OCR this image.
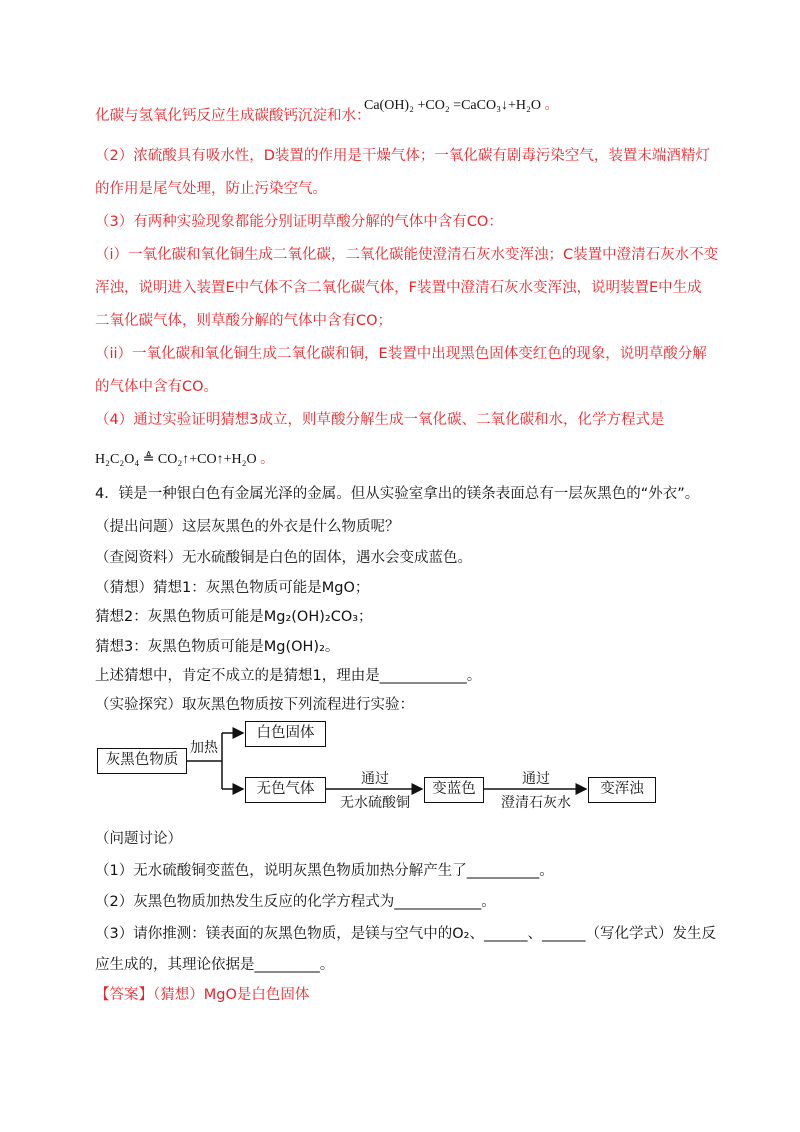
化碳与氢氧化钙反应生成碳酸钙沉淀和水：
Ca(OH)₂ +CO₂ =CaCO₃↓+H₂O 。
（2）浓硫酸具有吸水性，D装置的作用是干燥气体；一氧化碳有剧毒污染空气，装置末端酒精灯
的作用是尾气处理，防止污染空气。
（3）有两种实验现象都能分别证明草酸分解的气体中含有CO：
（i）一氧化碳和氧化铜生成二氧化碳，二氧化碳能使澄清石灰水变浑浊；C装置中澄清石灰水不变
浑浊，说明进入装置E中气体不含二氧化碳气体，F装置中澄清石灰水变浑浊，说明装置E中生成
二氧化碳气体，则草酸分解的气体中含有CO；
（ii）一氧化碳和氧化铜生成二氧化碳和铜，E装置中出现黑色固体变红色的现象，说明草酸分解
的气体中含有CO。
（4）通过实验证明猜想3成立，则草酸分解生成一氧化碳、二氧化碳和水，化学方程式是
H₂C₂O₄ ≜ CO₂↑+CO↑+H₂O 。
4．镁是一种银白色有金属光泽的金属。但从实验室拿出的镁条表面总有一层灰黑色的“外衣”。
（提出问题）这层灰黑色的外衣是什么物质呢？
（查阅资料）无水硫酸铜是白色的固体，遇水会变成蓝色。
（猜想）猜想1：灰黑色物质可能是MgO；
猜想2：灰黑色物质可能是Mg₂(OH)₂CO₃；
猜想3：灰黑色物质可能是Mg(OH)₂。
上述猜想中，肯定不成立的是猜想1，理由是____________。
（实验探究）取灰黑色物质按下列流程进行实验：
灰黑色物质
加热
白色固体
无色气体
通过
无水硫酸铜
变蓝色
通过
澄清石灰水
变浑浊
（问题讨论）
（1）无水硫酸铜变蓝色，说明灰黑色物质加热分解产生了__________。
（2）灰黑色物质加热发生反应的化学方程式为____________。
（3）请你推测：镁表面的灰黑色物质，是镁与空气中的O₂、______、______（写化学式）发生反
应生成的，其理论依据是_________。
【答案】（猜想）MgO是白色固体
